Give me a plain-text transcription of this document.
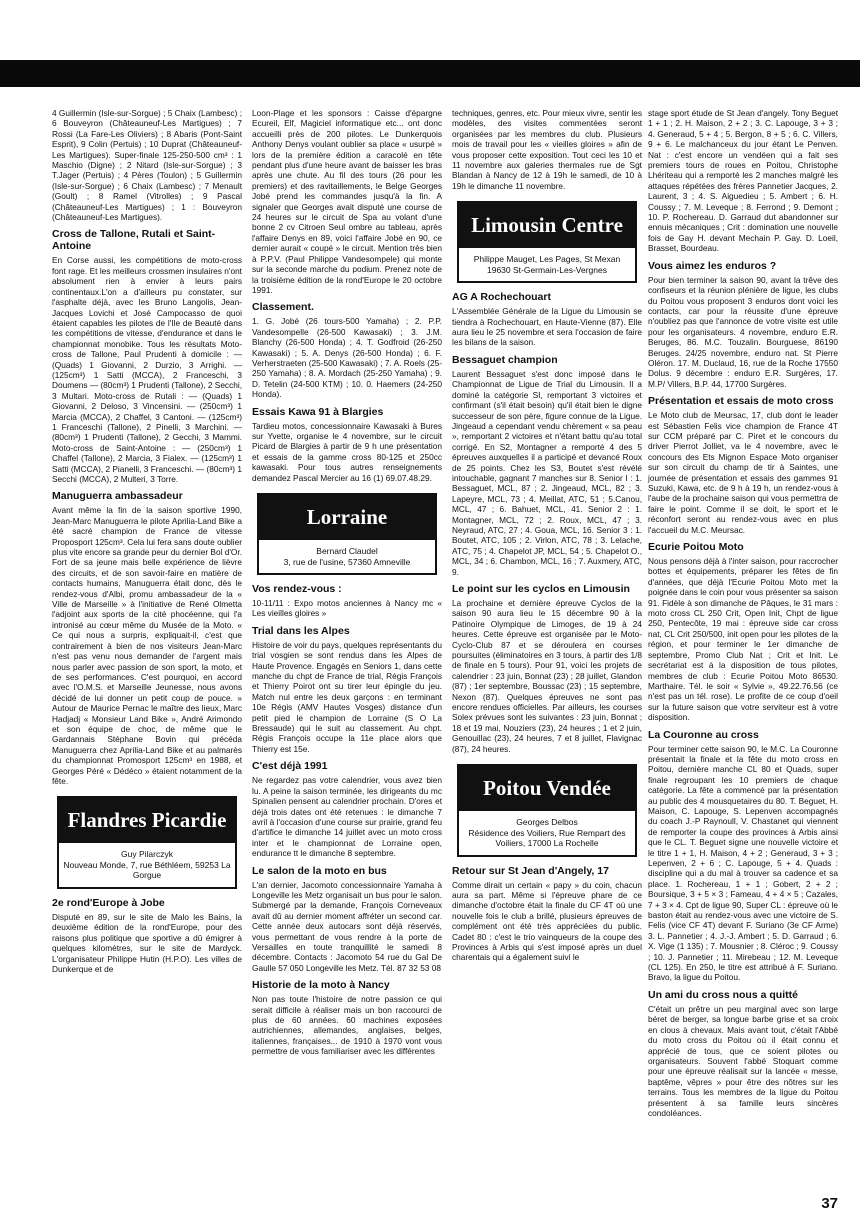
4 Guillermin (Isle-sur-Sorgue) ; 5 Chaix (Lambesc) ; 6 Bouveyron (Châteauneuf-Les Martigues) ; 7 Rossi (La Fare-Les Oliviers) ; 8 Abaris (Pont-Saint Esprit), 9 Colin (Pertuis) ; 10 Duprat (Châteauneuf-Les Martigues). Super-finale 125-250-500 cm³ : 1 Maschio (Digne) ; 2 Nitard (Isle-sur-Sorgue) ; 3 T.Jager (Pertuis) ; 4 Pères (Toulon) ; 5 Guillermin (Isle-sur-Sorgue) ; 6 Chaix (Lambesc) ; 7 Menault (Goult) ; 8 Ramel (Vitrolles) ; 9 Pascal (Châteauneuf-Les Martigues) ; 1 : Bouveyron (Châteauneuf-Les Martigues).

Cross de Tallone, Rutali et Saint-Antoine

En Corse aussi, les compétitions de moto-cross font rage. Et les meilleurs crossmen insulaires n'ont absolument rien à envier à leurs pairs continentaux.L'on a d'ailleurs pu constater, sur l'asphalte déjà, avec les Bruno Langolis, Jean-Jacques Lovichi et José Campocasso de quoi étaient capables les pilotes de l'Ile de Beauté dans les compétitions de vitesse, d'endurance et dans le championnat monobike. Tous les résultats Moto-cross de Tallone, Paul Prudenti à domicile : — (Quads) 1 Giovanni, 2 Durzio, 3 Arrighi. — (125cm³) 1 Satti (MCCA), 2 Franceschi, 3 Doumens — (80cm³) 1 Prudenti (Tallone), 2 Secchi, 3 Multari. Moto-cross de Rutali : — (Quads) 1 Giovanni, 2 Deloso, 3 Vincensini. — (250cm³) 1 Marcia (MCCA), 2 Chaffel, 3 Cantoni. — (125cm³) 1 Franceschi (Tallone), 2 Pinelli, 3 Marchini. — (80cm³) 1 Prudenti (Tallone), 2 Gecchi, 3 Mammi. Moto-cross de Saint-Antoine : — (250cm³) 1 Chaffel (Tallone), 2 Marcia, 3 Fialex. — (125cm³) 1 Satti (MCCA), 2 Pianelli, 3 Franceschi. — (80cm³) 1 Secchi (MCCA), 2 Multeri, 3 Torre.

Manuguerra ambassadeur

Avant même la fin de la saison sportive 1990, Jean-Marc Manuguerra le pilote Aprilia-Land Bike a été sacré champion de France de vitesse Proposport 125cm³. Cela lui fera sans doute oublier plus vite encore sa grande peur du dernier Bol d'Or. Fort de sa jeune mais belle expérience de lièvre des circuits, et de son savoir-faire en matière de contacts humains, Manuguerra était donc, dès le rendez-vous d'Albi, promu ambassadeur de la « Ville de Marseille » à l'initiative de René Olmetta l'adjoint aux sports de la cité phocéenne, qui l'a intronisé au cœur même du Musée de la Moto. « Ce qui nous a surpris, expliquait-il, c'est que contrairement à bien de nos visiteurs Jean-Marc n'est pas venu nous demander de l'argent mais nous parler avec passion de son sport, la moto, et de ses performances. C'est pourquoi, en accord avec l'O.M.S. et Marseille Jeunesse, nous avons décidé de lui donner un petit coup de pouce. » Autour de Maurice Pernac le maître des lieux, Marc Hadjadj « Monsieur Land Bike », André Arimondo et son équipe de choc, de même que le Gardannais Stéphane Bovin qui précéda Manuguerra chez Aprilia-Land Bike et au palmarès du championnat Promosport 125cm³ en 1988, et Georges Péré « Dédéco » étaient notamment de la fête.

Flandres Picardie
Guy Pilarczyk
Nouveau Monde, 7, rue Béthléem, 59253 La Gorgue
2e rond'Europe à Jobe

Disputé en 89, sur le site de Malo les Bains, la deuxième édition de la rond'Europe, pour des raisons plus politique que sportive a dû émigrer à quelques kilomètres, sur le site de Mardyck. L'organisateur Philippe Hutin (H.P.O). Les villes de Dunkerque et de

Loon-Plage et les sponsors : Caisse d'épargne Ecureil, Elf, Magiciel informatique etc... ont donc accueilli près de 200 pilotes. Le Dunkerquois Anthony Denys voulant oublier sa place « usurpé » lors de la première édition a caracolé en tête pendant plus d'une heure avant de baisser les bras après une chute. Au fil des tours (26 pour les premiers) et des ravitaillements, le Belge Georges Jobé prend les commandes jusqu'à la fin. A signaler que Georges avait disputé une course de 24 heures sur le circuit de Spa au volant d'une bonne 2 cv Citroen Seul ombre au tableau, après l'affaire Denys en 89, voici l'affaire Jobé en 90, ce dernier aurait « coupé » le circuit. Mention très bien à P.P.V. (Paul Philippe Vandesompele) qui monte sur la seconde marche du podium. Prenez note de la troisième édition de la rond'Europe le 20 octobre 1991.

Classement.

1. G. Jobé (26 tours-500 Yamaha) ; 2. P.P. Vandesompelle (26-500 Kawasaki) ; 3. J.M. Blanchy (26-500 Honda) ; 4. T. Godfroid (26-250 Kawasaki) ; 5. A. Denys (26-500 Honda) ; 6. F. Verherstraeten (25-500 Kawasaki) ; 7. A. Roels (25-250 Yamaha) ; 8. A. Mordach (25-250 Yamaha) ; 9. D. Tetelin (24-500 KTM) ; 10. 0. Haemers (24-250 Honda).

Essais Kawa 91 à Blargies

Tardieu motos, concessionnaire Kawasaki à Bures sur Yvette, organise le 4 novembre, sur le circuit Picard de Blargies à partir de 9 h une présentation et essais de la gamme cross 80-125 et 250cc kawasaki. Pour tous autres renseignements demandez Pascal Mercier au 16 (1) 69.07.48.29.

Lorraine
Bernard Claudel
3, rue de l'usine, 57360 Amneville
Vos rendez-vous :

10-11/11 : Expo motos anciennes à Nancy mc « Les vieilles gloires »

Trial dans les Alpes

Histoire de voir du pays, quelques représentants du trial vosgien se sont rendus dans les Alpes de Haute Provence. Engagés en Seniors 1, dans cette manche du chpt de France de trial, Régis François et Thierry Poirot ont su tirer leur épingle du jeu. Match nul entre les deux garçons : en terminant 10e Régis (AMV Hautes Vosges) distance d'un petit pied le champion de Lorraine (S O La Bressaude) qui le suit au classement. Au chpt. Régis François occupe la 11e place alors que Thierry est 15e.

C'est déjà 1991

Ne regardez pas votre calendrier, vous avez bien lu. A peine la saison terminée, les dirigeants du mc Spinalien pensent au calendrier prochain. D'ores et déjà trois dates ont été retenues : le dimanche 7 avril à l'occasion d'une course sur prairie, grand feu d'artifice le dimanche 14 juillet avec un moto cross inter et le championnat de Lorraine open, endurance tt le dimanche 8 septembre.

Le salon de la moto en bus

L'an dernier, Jacomoto concessionnaire Yamaha à Longeville les Metz organisait un bus pour le salon. Submergé par la demande, François Corneveaux avait dû au dernier moment affréter un second car. Cette année deux autocars sont déjà réservés, vous permettant de vous rendre à la porte de Versailles en toute tranquillité le samedi 8 décembre. Contacts : Jacomoto 54 rue du Gal De Gaulle 57 050 Longeville les Metz. Tél. 87 32 53 08

Historie de la moto à Nancy

Non pas toute l'histoire de notre passion ce qui serait difficile à réaliser mais un bon raccourci de plus de 60 années. 60 machines exposées autrichiennes, allemandes, anglaises, belges, italiennes, françaises... de 1910 à 1970 vont vous permettre de vous familiariser avec les différentes

techniques, genres, etc. Pour mieux vivre, sentir les modèles, des visites commentées seront organisées par les membres du club. Plusieurs mois de travail pour les « vieilles gloires » afin de vous proposer cette exposition. Tout ceci les 10 et 11 novembre aux galeries thermales rue de Sgt Blandan à Nancy de 12 à 19h le samedi, de 10 à 19h le dimanche 11 novembre.

Limousin Centre
Philippe Mauget, Les Pages, St Mexan
19630 St-Germain-Les-Vergnes
AG A Rochechouart

L'Assemblée Générale de la Ligue du Limousin se tiendra à Rochechouart, en Haute-Vienne (87). Elle aura lieu le 25 novembre et sera l'occasion de faire les bilans de la saison.

Bessaguet champion

Laurent Bessaguet s'est donc imposé dans le Championnat de Ligue de Trial du Limousin. Il a dominé la catégorie SI, remportant 3 victoires et confirmant (s'il était besoin) qu'il était bien le digne successeur de son père, figure connue de la Ligue. Jingeaud a cependant vendu chèrement « sa peau », remportant 2 victoires et n'étant battu qu'au total corrigé. En S2, Montagner a remporté 4 des 5 épreuves auxquelles il a participé et devancé Roux de 25 points. Chez les S3, Boutet s'est révélé intouchable, gagnant 7 manches sur 8. Senior I : 1. Bessaguet, MCL, 87 ; 2. Jingeaud, MCL, 82 ; 3. Lapeyre, MCL, 73 ; 4. Meillat, ATC, 51 ; 5.Canou, MCL, 47 ; 6. Bahuet, MCL, 41. Senior 2 : 1. Montagner, MCL, 72 ; 2. Roux, MCL, 47 ; 3. Neyraud, ATC, 27 ; 4. Goua, MCL, 16. Senior 3 : 1. Boutet, ATC, 105 ; 2. Virlon, ATC, 78 ; 3. Lelache, ATC, 75 ; 4. Chapelot JP, MCL, 54 ; 5. Chapelot O., MCL, 34 ; 6. Chambon, MCL, 16 ; 7. Auxmery, ATC, 9.

Le point sur les cyclos en Limousin

La prochaine et dernière épreuve Cyclos de la saison 90 aura lieu le 15 décembre 90 à la Patinoire Olympique de Limoges, de 19 à 24 heures. Cette épreuve est organisée par le Moto-Cyclo-Club 87 et se déroulera en courses poursuites (éliminatoires en 3 tours, à partir des 1/8 de finale en 5 tours). Pour 91, voici les projets de calendrier : 23 juin, Bonnat (23) ; 28 juillet, Glandon (87) ; 1er septembre, Boussac (23) ; 15 septembre, Nexon (87). Quelques épreuves ne sont pas encore rendues officielles. Par ailleurs, les courses Solex prévues sont les suivantes : 23 juin, Bonnat ; 18 et 19 mai, Nouziers (23), 24 heures ; 1 et 2 juin, Genouillac (23), 24 heures, 7 et 8 juillet, Flavignac (87), 24 heures.

Poitou Vendée
Georges Delbos
Résidence des Voiliers, Rue Rempart des Voiliers, 17000 La Rochelle
Retour sur St Jean d'Angely, 17

Comme dirait un certain « papy » du coin, chacun aura sa part. Même si l'épreuve phare de ce dimanche d'octobre était la finale du CF 4T où une nouvelle fois le club a brillé, plusieurs épreuves de complément ont été très appréciées du public. Cadet 80 : c'est le trio vainqueurs de la coupe des Provinces à Arbis qui s'est imposé après un duel charentais qui a également suivi le

stage sport étude de St Jean d'angely. Tony Beguet 1 + 1 ; 2. H. Maison, 2 + 2 ; 3. C. Lapouge, 3 + 3 ; 4. Generaud, 5 + 4 ; 5. Bergon, 8 + 5 ; 6. C. Villers, 9 + 6. Le malchanceux du jour étant Le Penven. Nat : c'est encore un vendéen qui a fait ses premiers tours de roues en Poitou, Christophe Lhériteau qui a remporté les 2 manches malgré les attaques répétées des frères Pannetier Jacques, 2. Laurent, 3 ; 4. S. Aiguedieu ; 5. Ambert ; 6. H. Coussy ; 7. M. Leveque ; 8. Ferrond ; 9. Demont ; 10. P. Rochereau. D. Garraud dut abandonner sur ennuis mécaniques ; Crit : domination une nouvelle fois de Gay H. devant Mechain P. Gay. D. Loeil, Brasset, Bourdeau.

Vous aimez les enduros ?

Pour bien terminer la saison 90, avant la trêve des confiseurs et la réunion plénière de ligue, les clubs du Poitou vous proposent 3 enduros dont voici les contacts, car pour la réussite d'une épreuve n'oubliez pas que l'annonce de votre visite est utile pour les organisateurs. 4 novembre, enduro E.R. Beruges, 86. M.C. Touzalin. Bourguese, 86190 Beruges. 24/25 novembre, enduro nat. St Pierre Oléron. 17. M. Duclaud, 16, rue de la Roche 17550 Dolus. 9 décembre : enduro E.R. Surgères, 17. M.P/ Villers, B.P. 44, 17700 Surgères.

Présentation et essais de moto cross

Le Moto club de Meursac, 17, club dont le leader est Sébastien Felis vice champion de France 4T sur CCM préparé par C. Piret et le concours du driver Pierrot Jolliet, va le 4 novembre, avec le concours des Ets Mignon Espace Moto organiser sur son circuit du champ de tir à Saintes, une journée de présentation et essais des gammes 91 Suzuki, Kawa, etc. de 9 h à 19 h, un rendez-vous à l'aube de la prochaine saison qui vous permettra de faire le point. Comme il se doit, le sport et le réconfort seront au rendez-vous avec en plus l'accueil du M.C. Meursac.

Ecurie Poitou Moto

Nous pensons déjà à l'inter saison, pour raccrocher bottes et équipements, préparer les fêtes de fin d'années, que déjà l'Ecurie Poitou Moto met la poignée dans le coin pour vous présenter sa saison 91. Fidèle à son dimanche de Pâques, le 31 mars : moto cross CL 250 Crit, Open Init, Chpt de ligue 250, Pentecôte, 19 mai : épreuve side car cross nat, CL Crit 250/500, init open pour les pilotes de la région, et pour terminer le 1er dimanche de septembre, Promo Club Nat ; Crit et Init. Le secrétariat est à la disposition de tous pilotes, membres de club : Ecurie Poitou Moto 86530. Marthaire. Tél. le soir « Sylvie », 49.22.76.56 (ce n'est pas un tél. rose). Le profite de ce coup d'oeil sur la future saison que votre serviteur est à votre disposition.

La Couronne au cross

Pour terminer cette saison 90, le M.C. La Couronne présentait la finale et la fête du moto cross en Poitou, dernière manche CL 80 et Quads, super finale regroupant les 10 premiers de chaque catégorie. La fête a commencé par la présentation au public des 4 mousquetaires du 80. T. Beguet, H. Maison, C. Lapouge, S. Lepenven accompagnés du coach J.-P Raynoull, V. Chastanet qui viennent de remporter la coupe des provinces à Arbis ainsi que le CL. T. Beguet signe une nouvelle victoire et le titre 1 + 1, H. Maison, 4 + 2 ; Generaud, 3 + 3 ; Lepenven, 2 + 6 ; C. Lapouge, 5 + 4. Quads : discipline qui a du mal à trouver sa cadence et sa place. 1. Rochereau, 1 + 1 ; Gobert, 2 + 2 ; Boursique, 3 + 5 × 3 ; Fameau, 4 + 4 × 5 ; Cazales, 7 + 3 × 4. Cpt de ligue 90, Super CL : épreuve où le baston était au rendez-vous avec une victoire de S. Felis (vice CF 4T) devant F. Suriano (3e CF Arme) 3. L. Pannetier ; 4. J.-J. Ambert ; 5. D. Garraud ; 6. X. Vige (1 135) ; 7. Mousnier ; 8. Cléroc ; 9. Coussy ; 10. J. Pannetier ; 11. Mirebeau ; 12. M. Leveque (CL 125). En 250, le titre est attribué à F. Suriano. Bravo, la ligue du Poitou.

Un ami du cross nous a quitté

C'était un prêtre un peu marginal avec son large béret de berger, sa longue barbe grise et sa croix en clous à chevaux. Mais avant tout, c'était l'Abbé du moto cross du Poitou où il était connu et apprécié de tous, que ce soient pilotes ou organisateurs. Souvent l'abbé Stoquart comme pour une épreuve réalisait sur la lancée « messe, baptême, vêpres » pour être des nôtres sur les terrains. Tous les membres de la ligue du Poitou présentent à sa famille leurs sincères condoléances.

37
